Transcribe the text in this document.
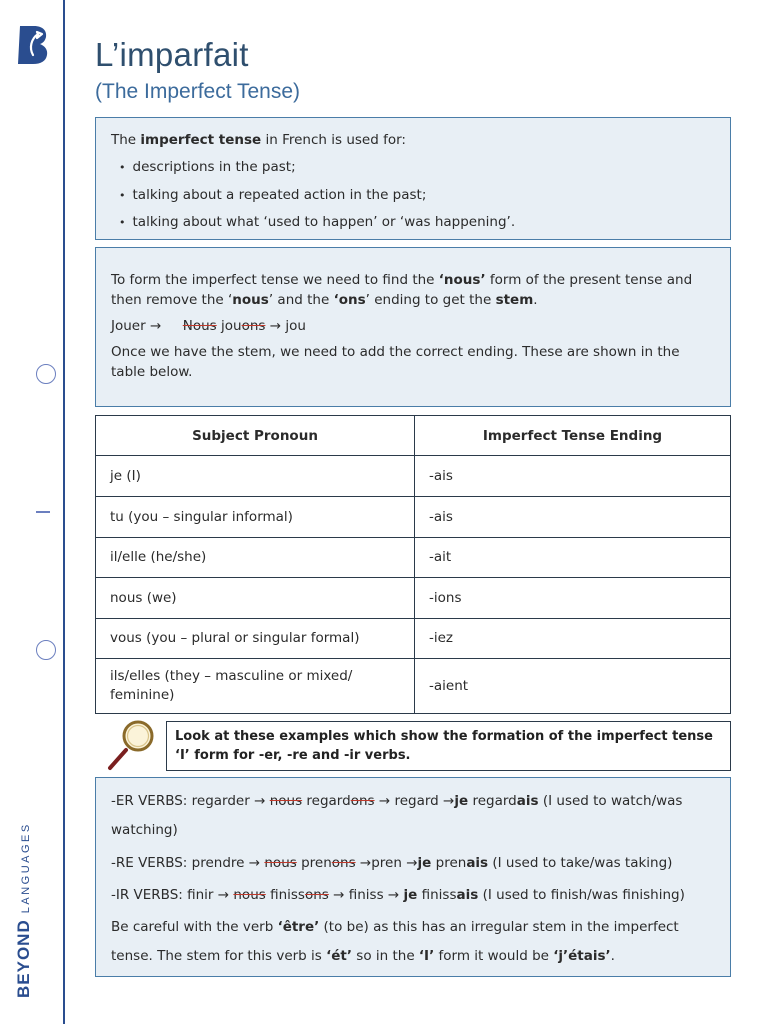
BEYONDLANGUAGES
L’imparfait
(The Imperfect Tense)
The imperfect tense in French is used for:
• descriptions in the past;
• talking about a repeated action in the past;
• talking about what ‘used to happen’ or ‘was happening’.

To form the imperfect tense we need to find the ‘nous’ form of the present tense and then remove the ‘nous’ and the ‘ons’ ending to get the stem.

Jouer → Nous jouons → jou

Once we have the stem, we need to add the correct ending. These are shown in the table below.

Subject Pronoun	Imperfect Tense Ending
je (I)	-ais
tu (you – singular informal)	-ais
il/elle (he/she)	-ait
nous (we)	-ions
vous (you – plural or singular formal)	-iez
ils/elles (they – masculine or mixed/ feminine)	-aient
Look at these examples which show the formation of the imperfect tense ‘I’ form for -er, -re and -ir verbs.

-ER VERBS: regarder → nous regardons → regard →je regardais (I used to watch/was watching)

-RE VERBS: prendre → nous prenons →pren →je prenais (I used to take/was taking)

-IR VERBS: finir → nous finissons → finiss → je finissais (I used to finish/was finishing)

Be careful with the verb ‘être’ (to be) as this has an irregular stem in the imperfect tense. The stem for this verb is ‘ét’ so in the ‘I’ form it would be ‘j’étais’.
